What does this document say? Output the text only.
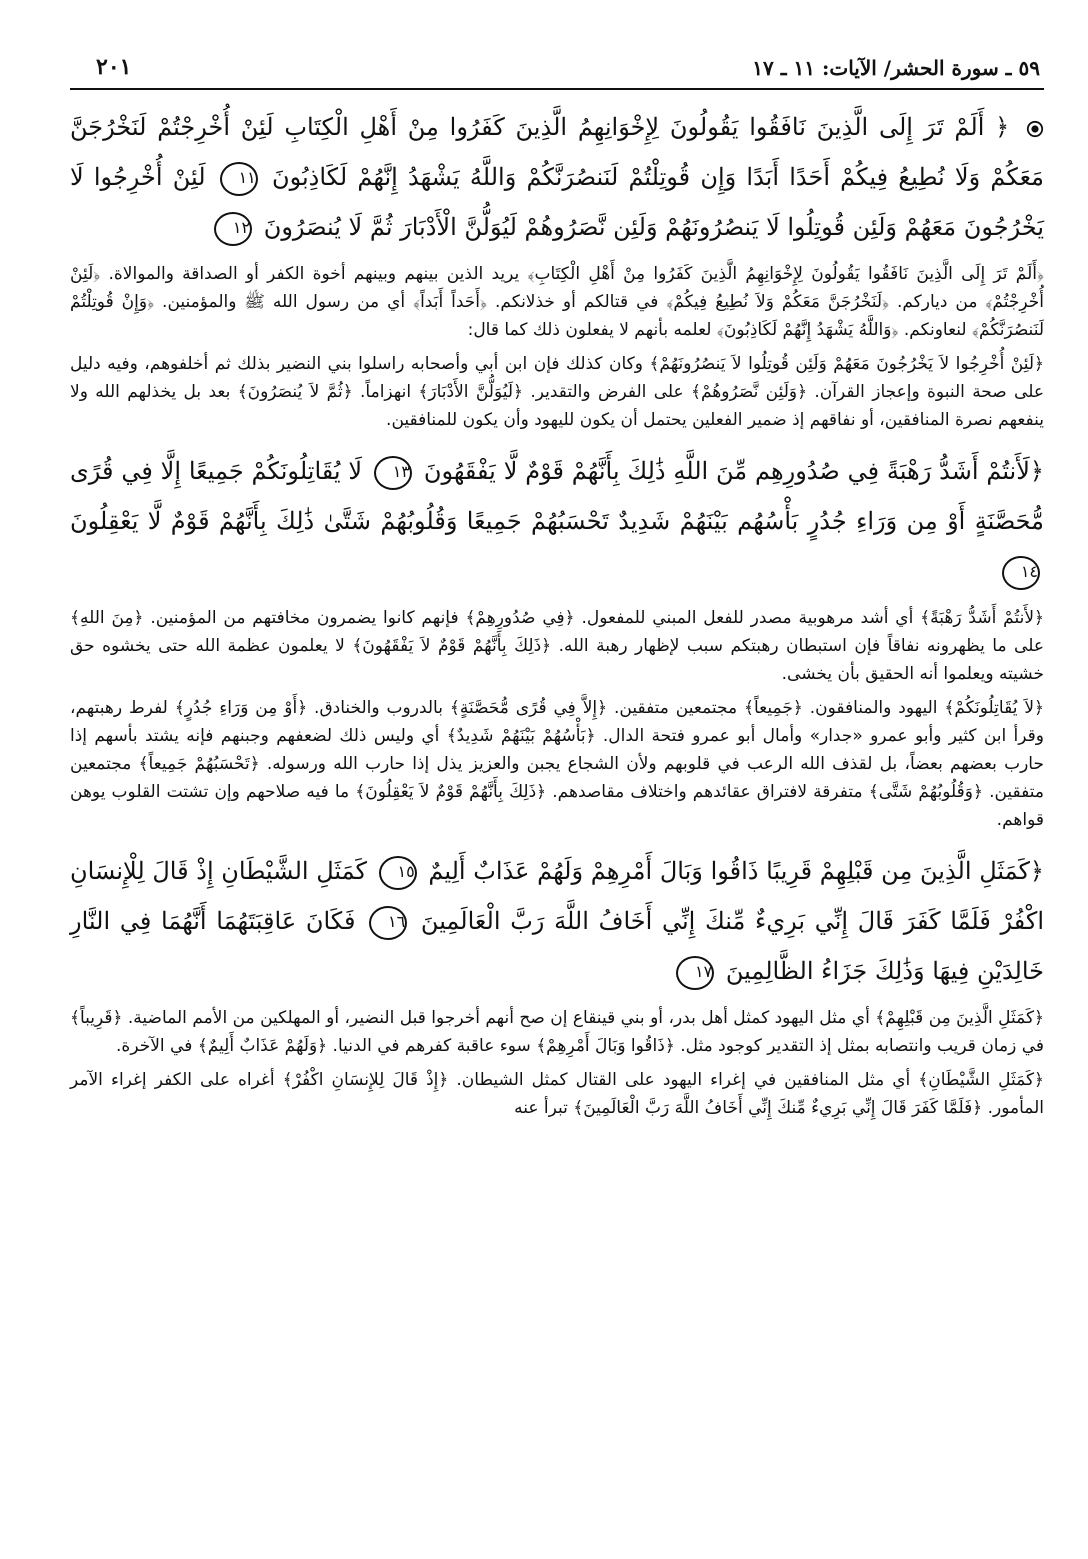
٥٩ ـ سورة الحشر/ الآيات: ١١ ـ ١٧
٢٠١
﴿ أَلَمْ تَرَ إِلَى الَّذِينَ نَافَقُوا يَقُولُونَ لِإِخْوَانِهِمُ الَّذِينَ كَفَرُوا مِنْ أَهْلِ الْكِتَابِ لَئِنْ أُخْرِجْتُمْ لَنَخْرُجَنَّ مَعَكُمْ وَلَا نُطِيعُ فِيكُمْ أَحَدًا أَبَدًا وَإِن قُوتِلْتُمْ لَنَنصُرَنَّكُمْ وَاللَّهُ يَشْهَدُ إِنَّهُمْ لَكَاذِبُونَ ١١ لَئِنْ أُخْرِجُوا لَا يَخْرُجُونَ مَعَهُمْ وَلَئِن قُوتِلُوا لَا يَنصُرُونَهُمْ وَلَئِن نَّصَرُوهُمْ لَيُوَلُّنَّ الْأَدْبَارَ ثُمَّ لَا يُنصَرُونَ ١٢

﴿أَلَمْ تَرَ إِلَى الَّذِينَ نَافَقُوا يَقُولُونَ لِإِخْوَانِهِمُ الَّذِينَ كَفَرُوا مِنْ أَهْلِ الْكِتَابِ﴾ يريد الذين بينهم وبينهم أخوة الكفر أو الصداقة والموالاة. ﴿لَئِنْ أُخْرِجْتُمْ﴾ من دياركم. ﴿لَنَخْرُجَنَّ مَعَكُمْ وَلاَ نُطِيعُ فِيكُمْ﴾ في قتالكم أو خذلانكم. ﴿أَحَداً أَبَداً﴾ أي من رسول الله ﷺ والمؤمنين. ﴿وَإِنْ قُوتِلْتُمْ لَنَنصُرَنَّكُمْ﴾ لنعاونكم. ﴿وَاللَّهُ يَشْهَدُ إِنَّهُمْ لَكَاذِبُونَ﴾ لعلمه بأنهم لا يفعلون ذلك كما قال:

﴿لَئِنْ أُخْرِجُوا لاَ يَخْرُجُونَ مَعَهُمْ وَلَئِن قُوتِلُوا لاَ يَنصُرُونَهُمْ﴾ وكان كذلك فإن ابن أبي وأصحابه راسلوا بني النضير بذلك ثم أخلفوهم، وفيه دليل على صحة النبوة وإعجاز القرآن. ﴿وَلَئِن نَّصَرُوهُمْ﴾ على الفرض والتقدير. ﴿لَيُوَلُّنَّ الأَدْبَارَ﴾ انهزاماً. ﴿ثُمَّ لاَ يُنصَرُونَ﴾ بعد بل يخذلهم الله ولا ينفعهم نصرة المنافقين، أو نفاقهم إذ ضمير الفعلين يحتمل أن يكون لليهود وأن يكون للمنافقين.

﴿لَأَنتُمْ أَشَدُّ رَهْبَةً فِي صُدُورِهِم مِّنَ اللَّهِ ذَٰلِكَ بِأَنَّهُمْ قَوْمٌ لَّا يَفْقَهُونَ ١٣ لَا يُقَاتِلُونَكُمْ جَمِيعًا إِلَّا فِي قُرًى مُّحَصَّنَةٍ أَوْ مِن وَرَاءِ جُدُرٍ بَأْسُهُم بَيْنَهُمْ شَدِيدٌ تَحْسَبُهُمْ جَمِيعًا وَقُلُوبُهُمْ شَتَّىٰ ذَٰلِكَ بِأَنَّهُمْ قَوْمٌ لَّا يَعْقِلُونَ ١٤

﴿لأَنتُمْ أَشَدُّ رَهْبَةً﴾ أي أشد مرهوبية مصدر للفعل المبني للمفعول. ﴿فِي صُدُورِهِمْ﴾ فإنهم كانوا يضمرون مخافتهم من المؤمنين. ﴿مِنَ اللهِ﴾ على ما يظهرونه نفاقاً فإن استبطان رهبتكم سبب لإظهار رهبة الله. ﴿ذَلِكَ بِأَنَّهُمْ قَوْمٌ لاَ يَفْقَهُونَ﴾ لا يعلمون عظمة الله حتى يخشوه حق خشيته ويعلموا أنه الحقيق بأن يخشى.

﴿لاَ يُقَاتِلُونَكُمْ﴾ اليهود والمنافقون. ﴿جَمِيعاً﴾ مجتمعين متفقين. ﴿إِلاَّ فِي قُرًى مُّحَصَّنَةٍ﴾ بالدروب والخنادق. ﴿أَوْ مِن وَرَاءِ جُدُرٍ﴾ لفرط رهبتهم، وقرأ ابن كثير وأبو عمرو «جدار» وأمال أبو عمرو فتحة الدال. ﴿بَأْسُهُمْ بَيْنَهُمْ شَدِيدٌ﴾ أي وليس ذلك لضعفهم وجبنهم فإنه يشتد بأسهم إذا حارب بعضهم بعضاً، بل لقذف الله الرعب في قلوبهم ولأن الشجاع يجبن والعزيز يذل إذا حارب الله ورسوله. ﴿تَحْسَبُهُمْ جَمِيعاً﴾ مجتمعين متفقين. ﴿وَقُلُوبُهُمْ شَتَّى﴾ متفرقة لافتراق عقائدهم واختلاف مقاصدهم. ﴿ذَلِكَ بِأَنَّهُمْ قَوْمٌ لاَ يَعْقِلُونَ﴾ ما فيه صلاحهم وإن تشتت القلوب يوهن قواهم.

﴿كَمَثَلِ الَّذِينَ مِن قَبْلِهِمْ قَرِيبًا ذَاقُوا وَبَالَ أَمْرِهِمْ وَلَهُمْ عَذَابٌ أَلِيمٌ ١٥ كَمَثَلِ الشَّيْطَانِ إِذْ قَالَ لِلْإِنسَانِ اكْفُرْ فَلَمَّا كَفَرَ قَالَ إِنِّي بَرِيءٌ مِّنكَ إِنِّي أَخَافُ اللَّهَ رَبَّ الْعَالَمِينَ ١٦ فَكَانَ عَاقِبَتَهُمَا أَنَّهُمَا فِي النَّارِ خَالِدَيْنِ فِيهَا وَذَٰلِكَ جَزَاءُ الظَّالِمِينَ ١٧

﴿كَمَثَلِ الَّذِينَ مِن قَبْلِهِمْ﴾ أي مثل اليهود كمثل أهل بدر، أو بني قينقاع إن صح أنهم أخرجوا قبل النضير، أو المهلكين من الأمم الماضية. ﴿قَرِيباً﴾ في زمان قريب وانتصابه بمثل إذ التقدير كوجود مثل. ﴿ذَاقُوا وَبَالَ أَمْرِهِمْ﴾ سوء عاقبة كفرهم في الدنيا. ﴿وَلَهُمْ عَذَابٌ أَلِيمٌ﴾ في الآخرة.

﴿كَمَثَلِ الشَّيْطَانِ﴾ أي مثل المنافقين في إغراء اليهود على القتال كمثل الشيطان. ﴿إِذْ قَالَ لِلإِنسَانِ اكْفُرْ﴾ أغراه على الكفر إغراء الآمر المأمور. ﴿فَلَمَّا كَفَرَ قَالَ إِنِّي بَرِيءٌ مِّنكَ إِنِّي أَخَافُ اللَّهَ رَبَّ الْعَالَمِينَ﴾ تبرأ عنه
